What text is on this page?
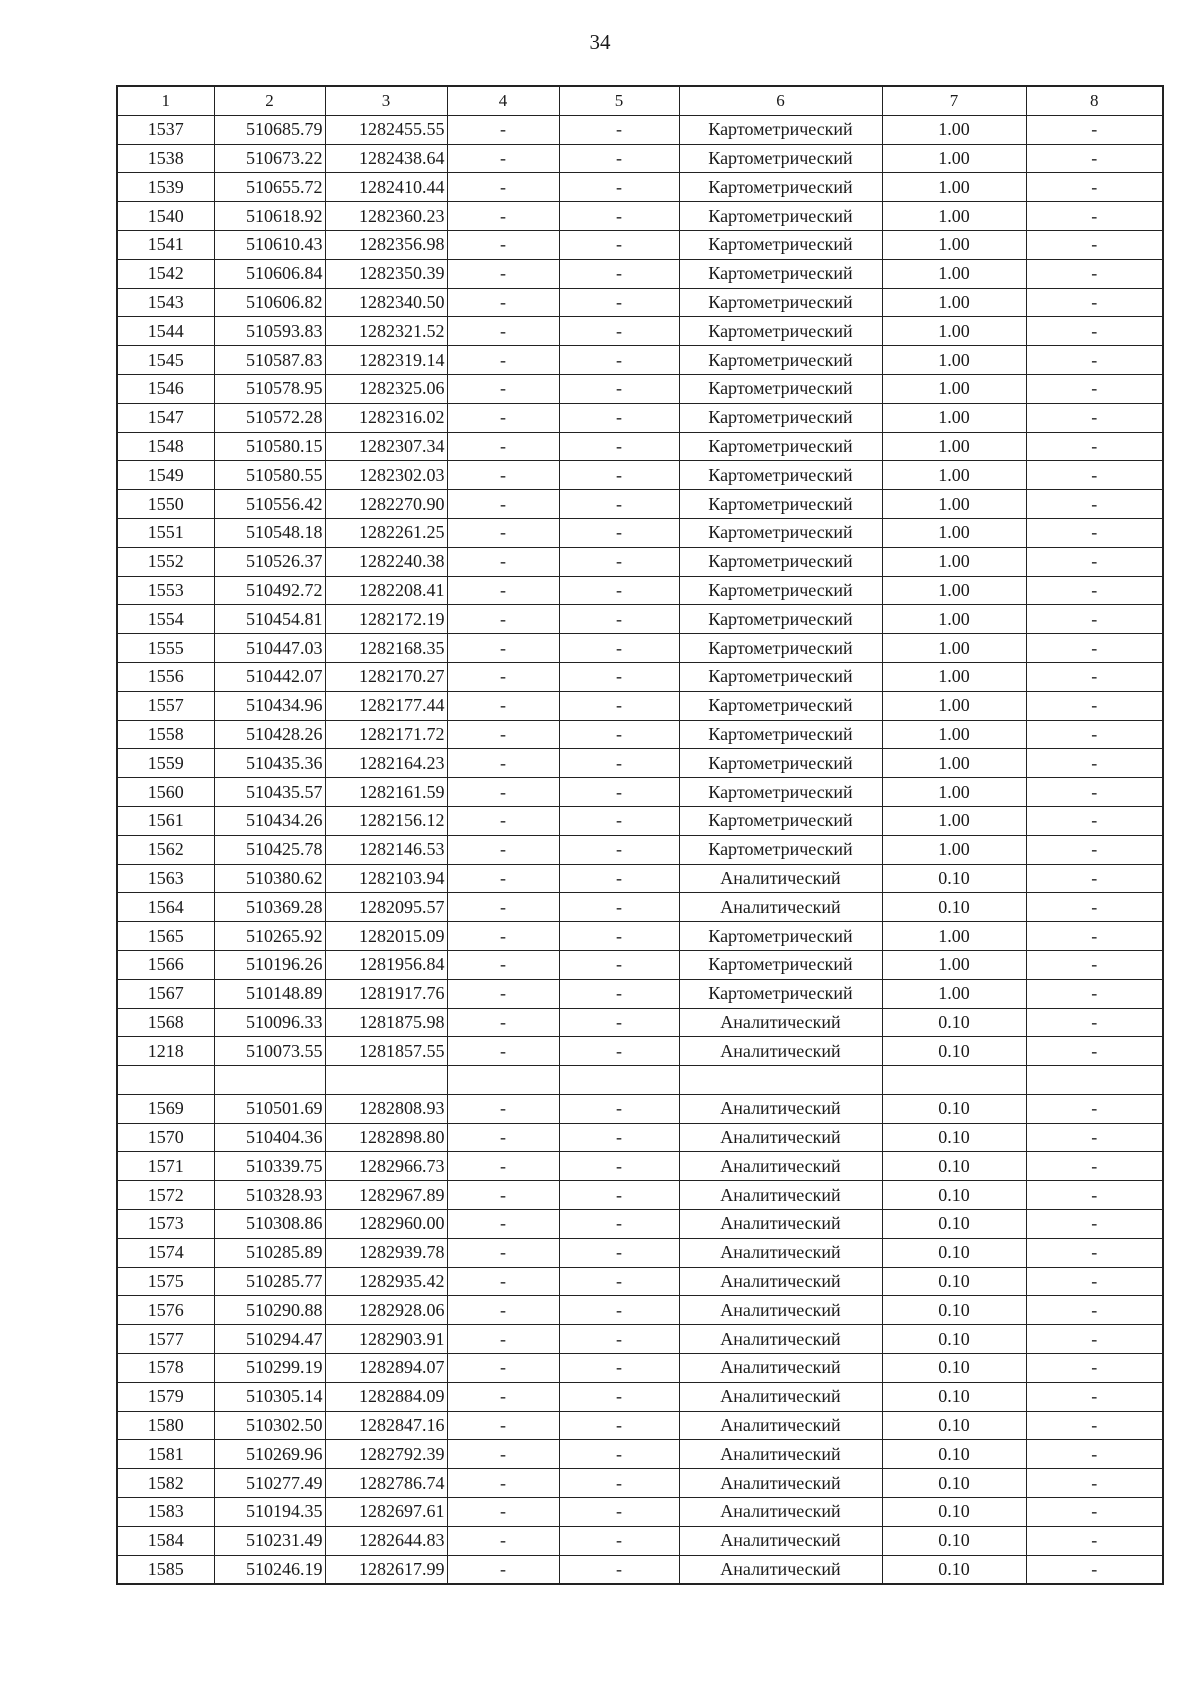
34
1	2	3	4	5	6	7	8
1537	510685.79	1282455.55	-	-	Картометрический	1.00	-
1538	510673.22	1282438.64	-	-	Картометрический	1.00	-
1539	510655.72	1282410.44	-	-	Картометрический	1.00	-
1540	510618.92	1282360.23	-	-	Картометрический	1.00	-
1541	510610.43	1282356.98	-	-	Картометрический	1.00	-
1542	510606.84	1282350.39	-	-	Картометрический	1.00	-
1543	510606.82	1282340.50	-	-	Картометрический	1.00	-
1544	510593.83	1282321.52	-	-	Картометрический	1.00	-
1545	510587.83	1282319.14	-	-	Картометрический	1.00	-
1546	510578.95	1282325.06	-	-	Картометрический	1.00	-
1547	510572.28	1282316.02	-	-	Картометрический	1.00	-
1548	510580.15	1282307.34	-	-	Картометрический	1.00	-
1549	510580.55	1282302.03	-	-	Картометрический	1.00	-
1550	510556.42	1282270.90	-	-	Картометрический	1.00	-
1551	510548.18	1282261.25	-	-	Картометрический	1.00	-
1552	510526.37	1282240.38	-	-	Картометрический	1.00	-
1553	510492.72	1282208.41	-	-	Картометрический	1.00	-
1554	510454.81	1282172.19	-	-	Картометрический	1.00	-
1555	510447.03	1282168.35	-	-	Картометрический	1.00	-
1556	510442.07	1282170.27	-	-	Картометрический	1.00	-
1557	510434.96	1282177.44	-	-	Картометрический	1.00	-
1558	510428.26	1282171.72	-	-	Картометрический	1.00	-
1559	510435.36	1282164.23	-	-	Картометрический	1.00	-
1560	510435.57	1282161.59	-	-	Картометрический	1.00	-
1561	510434.26	1282156.12	-	-	Картометрический	1.00	-
1562	510425.78	1282146.53	-	-	Картометрический	1.00	-
1563	510380.62	1282103.94	-	-	Аналитический	0.10	-
1564	510369.28	1282095.57	-	-	Аналитический	0.10	-
1565	510265.92	1282015.09	-	-	Картометрический	1.00	-
1566	510196.26	1281956.84	-	-	Картометрический	1.00	-
1567	510148.89	1281917.76	-	-	Картометрический	1.00	-
1568	510096.33	1281875.98	-	-	Аналитический	0.10	-
1218	510073.55	1281857.55	-	-	Аналитический	0.10	-

1569	510501.69	1282808.93	-	-	Аналитический	0.10	-
1570	510404.36	1282898.80	-	-	Аналитический	0.10	-
1571	510339.75	1282966.73	-	-	Аналитический	0.10	-
1572	510328.93	1282967.89	-	-	Аналитический	0.10	-
1573	510308.86	1282960.00	-	-	Аналитический	0.10	-
1574	510285.89	1282939.78	-	-	Аналитический	0.10	-
1575	510285.77	1282935.42	-	-	Аналитический	0.10	-
1576	510290.88	1282928.06	-	-	Аналитический	0.10	-
1577	510294.47	1282903.91	-	-	Аналитический	0.10	-
1578	510299.19	1282894.07	-	-	Аналитический	0.10	-
1579	510305.14	1282884.09	-	-	Аналитический	0.10	-
1580	510302.50	1282847.16	-	-	Аналитический	0.10	-
1581	510269.96	1282792.39	-	-	Аналитический	0.10	-
1582	510277.49	1282786.74	-	-	Аналитический	0.10	-
1583	510194.35	1282697.61	-	-	Аналитический	0.10	-
1584	510231.49	1282644.83	-	-	Аналитический	0.10	-
1585	510246.19	1282617.99	-	-	Аналитический	0.10	-
